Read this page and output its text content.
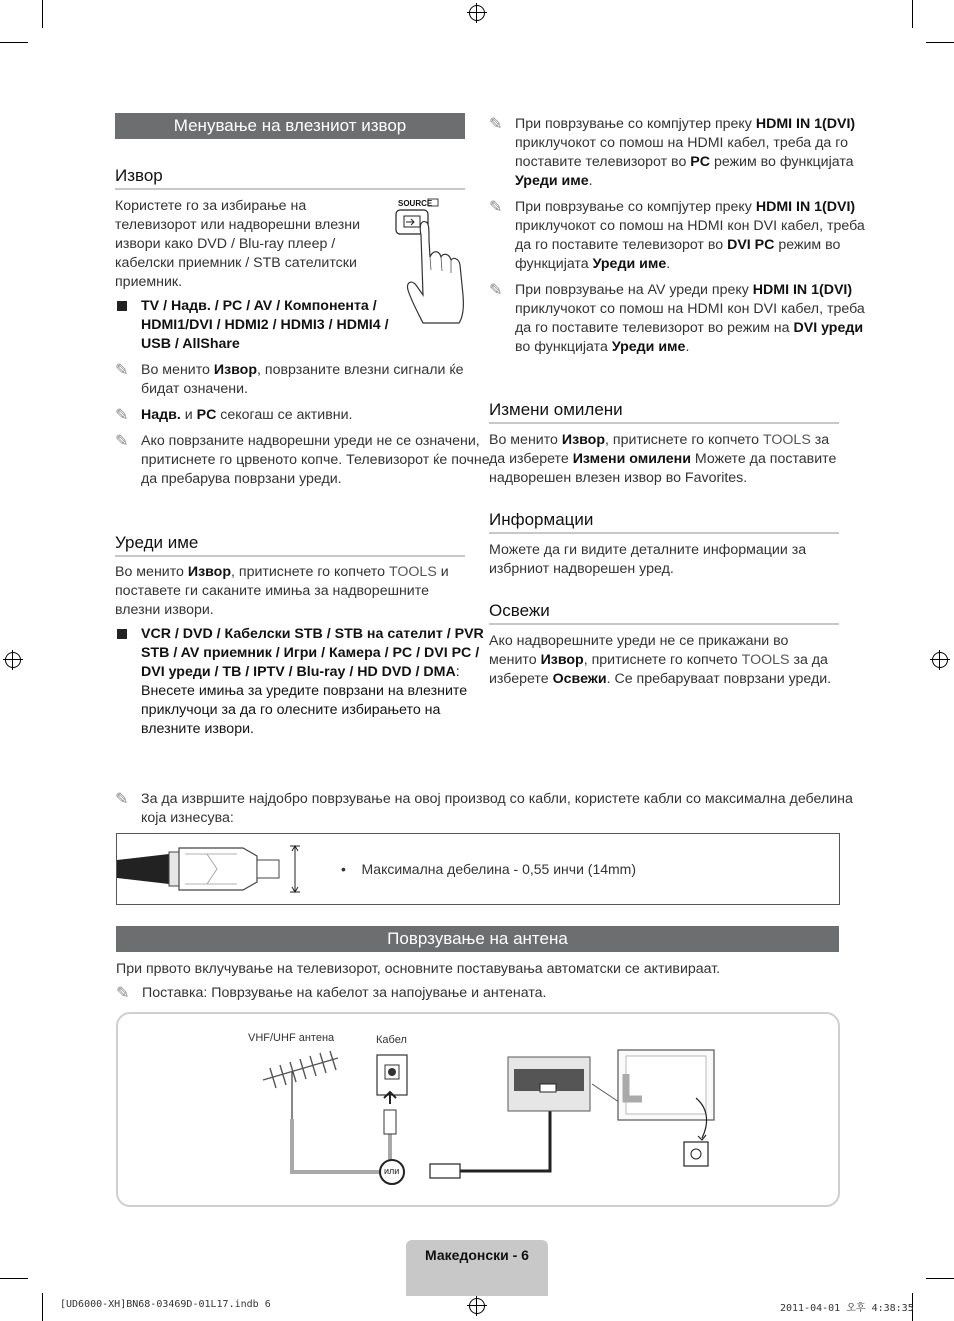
Менување на влезниот извор
Извор
Користете го за избирање на телевизорот или надворешни влезни извори како DVD / Blu-ray плеер / кабелски приемник / STB сателитски приемник.
SOURCE
TV / Надв. / PC / AV / Компонента / HDMI1/DVI / HDMI2 / HDMI3 / HDMI4 / USB / AllShare
✎ Во менито Извор, поврзаните влезни сигнали ќе бидат означени.
✎ Надв. и PC секогаш се активни.
✎ Ако поврзаните надворешни уреди не се означени, притиснете го црвеното копче. Телевизорот ќе почне да пребарува поврзани уреди.
Уреди име
Во менито Извор, притиснете го копчето TOOLS и поставете ги саканите имиња за надворешните влезни извори.
VCR / DVD / Кабелски STB / STB на сателит / PVR STB / AV приемник / Игри / Камера / PC / DVI PC / DVI уреди / TB / IPTV / Blu-ray / HD DVD / DMA: Внесете имиња за уредите поврзани на влезните приклучоци за да го олесните избирањето на влезните извори.
✎ При поврзување со компјутер преку HDMI IN 1(DVI) приклучокот со помош на HDMI кабел, треба да го поставите телевизорот во PC режим во функцијата Уреди име.
✎ При поврзување со компјутер преку HDMI IN 1(DVI) приклучокот со помош на HDMI кон DVI кабел, треба да го поставите телевизорот во DVI PC режим во функцијата Уреди име.
✎ При поврзување на AV уреди преку HDMI IN 1(DVI) приклучокот со помош на HDMI кон DVI кабел, треба да го поставите телевизорот во режим на DVI уреди во функцијата Уреди име.
Измени омилени
Во менито Извор, притиснете го копчето TOOLS за да изберете Измени омилени Можете да поставите надворешен влезен извор во Favorites.
Информации
Можете да ги видите деталните информации за избрниот надворешен уред.
Освежи
Ако надворешните уреди не се прикажани во менито Извор, притиснете го копчето TOOLS за да изберете Освежи. Се пребаруваат поврзани уреди.
✎ За да извршите најдобро поврзување на овој производ со кабли, користете кабли со максимална дебелина која изнесува:
• Максимална дебелина - 0,55 инчи (14mm)
Поврзување на антена
При првото вклучување на телевизорот, основните поставувања автоматски се активираат.
✎ Поставка: Поврзување на кабелот за напојување и антената.
VHF/UHF антена	Кабел
или
Македонски - 6
[UD6000-XH]BN68-03469D-01L17.indb 6	2011-04-01 오후 4:38:35
